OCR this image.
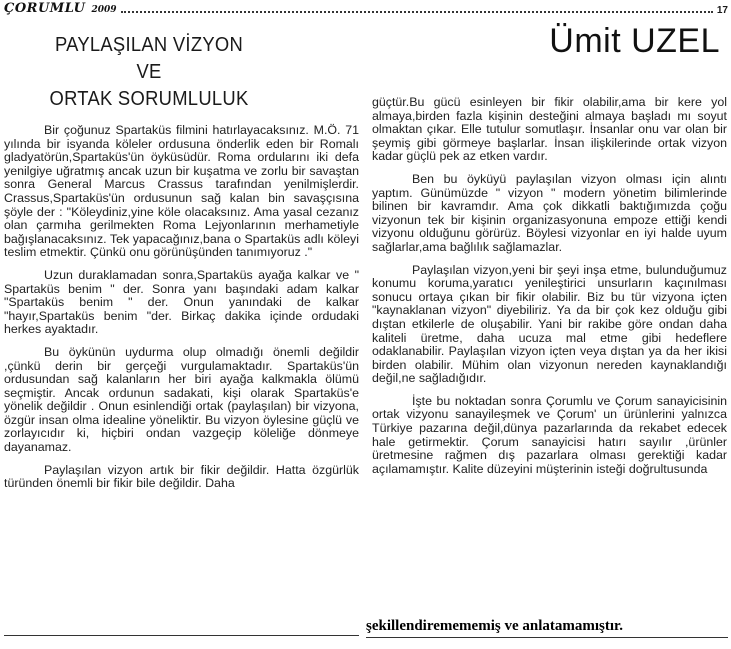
ÇORUMLU 2009	17
PAYLAŞILAN VİZYON
VE
ORTAK SORUMLULUK
Ümit UZEL

Bir çoğunuz Spartaküs filmini hatırlayacaksınız. M.Ö. 71 yılında bir isyanda köleler ordusuna önderlik eden bir Romalı gladyatörün,Spartaküs'ün öyküsüdür. Roma ordularını iki defa yenilgiye uğratmış ancak uzun bir kuşatma ve zorlu bir savaştan sonra General Marcus Crassus tarafından yenilmişlerdir. Crassus,Spartaküs'ün ordusunun sağ kalan bin savaşçısına şöyle der : "Köleydiniz,yine köle olacaksınız. Ama yasal cezanız olan çarmıha gerilmekten Roma Lejyonlarının merhametiyle bağışlanacaksınız. Tek yapacağınız,bana o Spartaküs adlı köleyi teslim etmektir. Çünkü onu görünüşünden tanımıyoruz ."

Uzun duraklamadan sonra,Spartaküs ayağa kalkar ve " Spartaküs benim " der. Sonra yanı başındaki adam kalkar "Spartaküs benim " der. Onun yanındaki de kalkar "hayır,Spartaküs benim "der. Birkaç dakika içinde ordudaki herkes ayaktadır.

Bu öykünün uydurma olup olmadığı önemli değildir ,çünkü derin bir gerçeği vurgulamaktadır. Spartaküs'ün ordusundan sağ kalanların her biri ayağa kalkmakla ölümü seçmiştir. Ancak ordunun sadakati, kişi olarak Spartaküs'e yönelik değildir . Onun esinlendiği ortak (paylaşılan) bir vizyona, özgür insan olma idealine yöneliktir. Bu vizyon öylesine güçlü ve zorlayıcıdır ki, hiçbiri ondan vazgeçip köleliğe dönmeye dayanamaz.

Paylaşılan vizyon artık bir fikir değildir. Hatta özgürlük türünden önemli bir fikir bile değildir. Daha

güçtür.Bu gücü esinleyen bir fikir olabilir,ama bir kere yol almaya,birden fazla kişinin desteğini almaya başladı mı soyut olmaktan çıkar. Elle tutulur somutlaşır. İnsanlar onu var olan bir şeymiş gibi görmeye başlarlar. İnsan ilişkilerinde ortak vizyon kadar güçlü pek az etken vardır.

Ben bu öyküyü paylaşılan vizyon olması için alıntı yaptım. Günümüzde " vizyon " modern yönetim bilimlerinde bilinen bir kavramdır. Ama çok dikkatli baktığımızda çoğu vizyonun tek bir kişinin organizasyonuna empoze ettiği kendi vizyonu olduğunu görürüz. Böylesi vizyonlar en iyi halde uyum sağlarlar,ama bağlılık sağlamazlar.

Paylaşılan vizyon,yeni bir şeyi inşa etme, bulunduğumuz konumu koruma,yaratıcı yenileştirici unsurların kaçınılması sonucu ortaya çıkan bir fikir olabilir. Biz bu tür vizyona içten "kaynaklanan vizyon" diyebiliriz. Ya da bir çok kez olduğu gibi dıştan etkilerle de oluşabilir. Yani bir rakibe göre ondan daha kaliteli üretme, daha ucuza mal etme gibi hedeflere odaklanabilir. Paylaşılan vizyon içten veya dıştan ya da her ikisi birden olabilir. Mühim olan vizyonun nereden kaynaklandığı değil,ne sağladığıdır.

İşte bu noktadan sonra Çorumlu ve Çorum sanayicisinin ortak vizyonu sanayileşmek ve Çorum' un ürünlerini yalnızca Türkiye pazarına değil,dünya pazarlarında da rekabet edecek hale getirmektir. Çorum sanayicisi hatırı sayılır ,ürünler üretmesine rağmen dış pazarlara olması gerektiği kadar açılamamıştır. Kalite düzeyini müşterinin isteği doğrultusunda

şekillendiremememiş ve anlatamamıştır.
